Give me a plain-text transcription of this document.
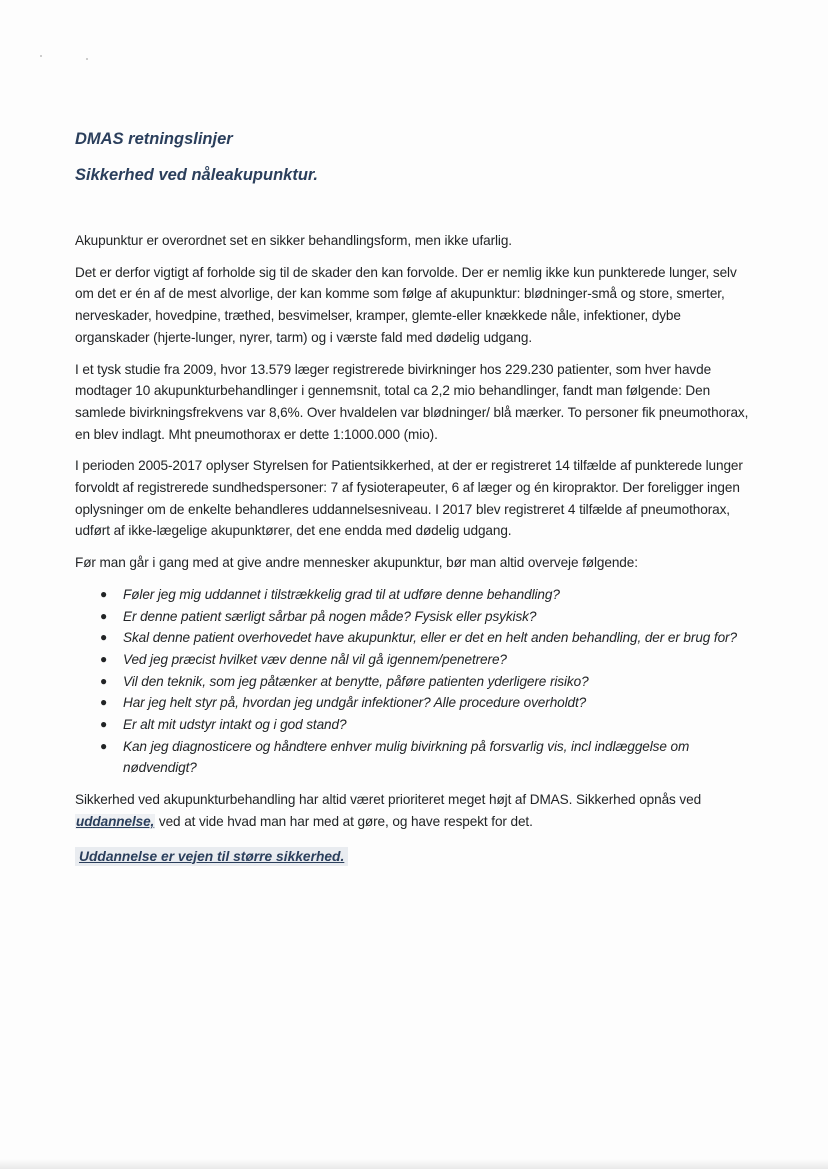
DMAS retningslinjer
Sikkerhed ved nåleakupunktur.

Akupunktur er overordnet set en sikker behandlingsform, men ikke ufarlig.

Det er derfor vigtigt af forholde sig til de skader den kan forvolde. Der er nemlig ikke kun punkterede lunger, selv om det er én af de mest alvorlige, der kan komme som følge af akupunktur: blødninger-små og store, smerter, nerveskader, hovedpine, træthed, besvimelser, kramper, glemte-eller knækkede nåle, infektioner, dybe organskader (hjerte-lunger, nyrer, tarm) og i værste fald med dødelig udgang.

I et tysk studie fra 2009, hvor 13.579 læger registrerede bivirkninger hos 229.230 patienter, som hver havde modtager 10 akupunkturbehandlinger i gennemsnit, total ca 2,2 mio behandlinger, fandt man følgende: Den samlede bivirkningsfrekvens var 8,6%. Over hvaldelen var blødninger/ blå mærker. To personer fik pneumothorax, en blev indlagt. Mht pneumothorax er dette 1:1000.000 (mio).

I perioden 2005-2017 oplyser Styrelsen for Patientsikkerhed, at der er registreret 14 tilfælde af punkterede lunger forvoldt af registrerede sundhedspersoner: 7 af fysioterapeuter, 6 af læger og én kiropraktor. Der foreligger ingen oplysninger om de enkelte behandleres uddannelsesniveau. I 2017 blev registreret 4 tilfælde af pneumothorax, udført af ikke-lægelige akupunktører, det ene endda med dødelig udgang.

Før man går i gang med at give andre mennesker akupunktur, bør man altid overveje følgende:

● Føler jeg mig uddannet i tilstrækkelig grad til at udføre denne behandling?
● Er denne patient særligt sårbar på nogen måde? Fysisk eller psykisk?
● Skal denne patient overhovedet have akupunktur, eller er det en helt anden behandling, der er brug for?
● Ved jeg præcist hvilket væv denne nål vil gå igennem/penetrere?
● Vil den teknik, som jeg påtænker at benytte, påføre patienten yderligere risiko?
● Har jeg helt styr på, hvordan jeg undgår infektioner? Alle procedure overholdt?
● Er alt mit udstyr intakt og i god stand?
● Kan jeg diagnosticere og håndtere enhver mulig bivirkning på forsvarlig vis, incl indlæggelse om nødvendigt?

Sikkerhed ved akupunkturbehandling har altid været prioriteret meget højt af DMAS. Sikkerhed opnås ved uddannelse, ved at vide hvad man har med at gøre, og have respekt for det.

Uddannelse er vejen til større sikkerhed.
